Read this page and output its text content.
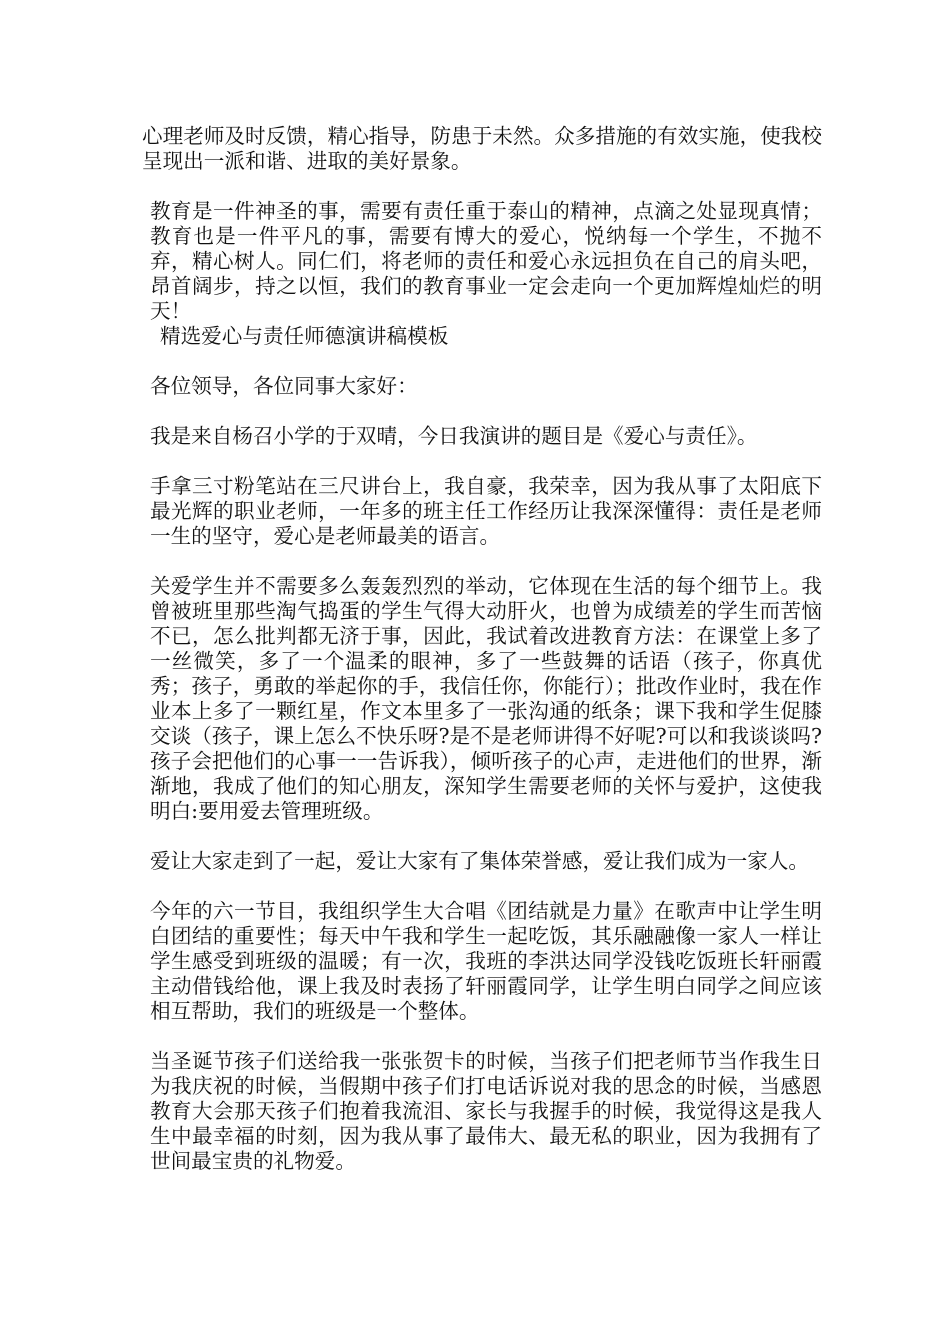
心理老师及时反馈，精心指导，防患于未然。众多措施的有效实施，使我校呈现出一派和谐、进取的美好景象。

教育是一件神圣的事，需要有责任重于泰山的精神，点滴之处显现真情；教育也是一件平凡的事，需要有博大的爱心，悦纳每一个学生，不抛不弃，精心树人。同仁们，将老师的责任和爱心永远担负在自己的肩头吧，昂首阔步，持之以恒，我们的教育事业一定会走向一个更加辉煌灿烂的明天！

精选爱心与责任师德演讲稿模板

各位领导，各位同事大家好：

我是来自杨召小学的于双晴，今日我演讲的题目是《爱心与责任》。

手拿三寸粉笔站在三尺讲台上，我自豪，我荣幸，因为我从事了太阳底下最光辉的职业老师，一年多的班主任工作经历让我深深懂得：责任是老师一生的坚守，爱心是老师最美的语言。

关爱学生并不需要多么轰轰烈烈的举动，它体现在生活的每个细节上。我曾被班里那些淘气捣蛋的学生气得大动肝火，也曾为成绩差的学生而苦恼不已，怎么批判都无济于事，因此，我试着改进教育方法：在课堂上多了一丝微笑，多了一个温柔的眼神，多了一些鼓舞的话语（孩子，你真优秀；孩子，勇敢的举起你的手，我信任你，你能行）；批改作业时，我在作业本上多了一颗红星，作文本里多了一张沟通的纸条；课下我和学生促膝交谈（孩子，课上怎么不快乐呀?是不是老师讲得不好呢?可以和我谈谈吗?孩子会把他们的心事一一告诉我），倾听孩子的心声，走进他们的世界，渐渐地，我成了他们的知心朋友，深知学生需要老师的关怀与爱护，这使我明白:要用爱去管理班级。

爱让大家走到了一起，爱让大家有了集体荣誉感，爱让我们成为一家人。

今年的六一节目，我组织学生大合唱《团结就是力量》在歌声中让学生明白团结的重要性；每天中午我和学生一起吃饭，其乐融融像一家人一样让学生感受到班级的温暖；有一次，我班的李洪达同学没钱吃饭班长轩丽霞主动借钱给他，课上我及时表扬了轩丽霞同学，让学生明白同学之间应该相互帮助，我们的班级是一个整体。

当圣诞节孩子们送给我一张张贺卡的时候，当孩子们把老师节当作我生日为我庆祝的时候，当假期中孩子们打电话诉说对我的思念的时候，当感恩教育大会那天孩子们抱着我流泪、家长与我握手的时候，我觉得这是我人生中最幸福的时刻，因为我从事了最伟大、最无私的职业，因为我拥有了世间最宝贵的礼物爱。
